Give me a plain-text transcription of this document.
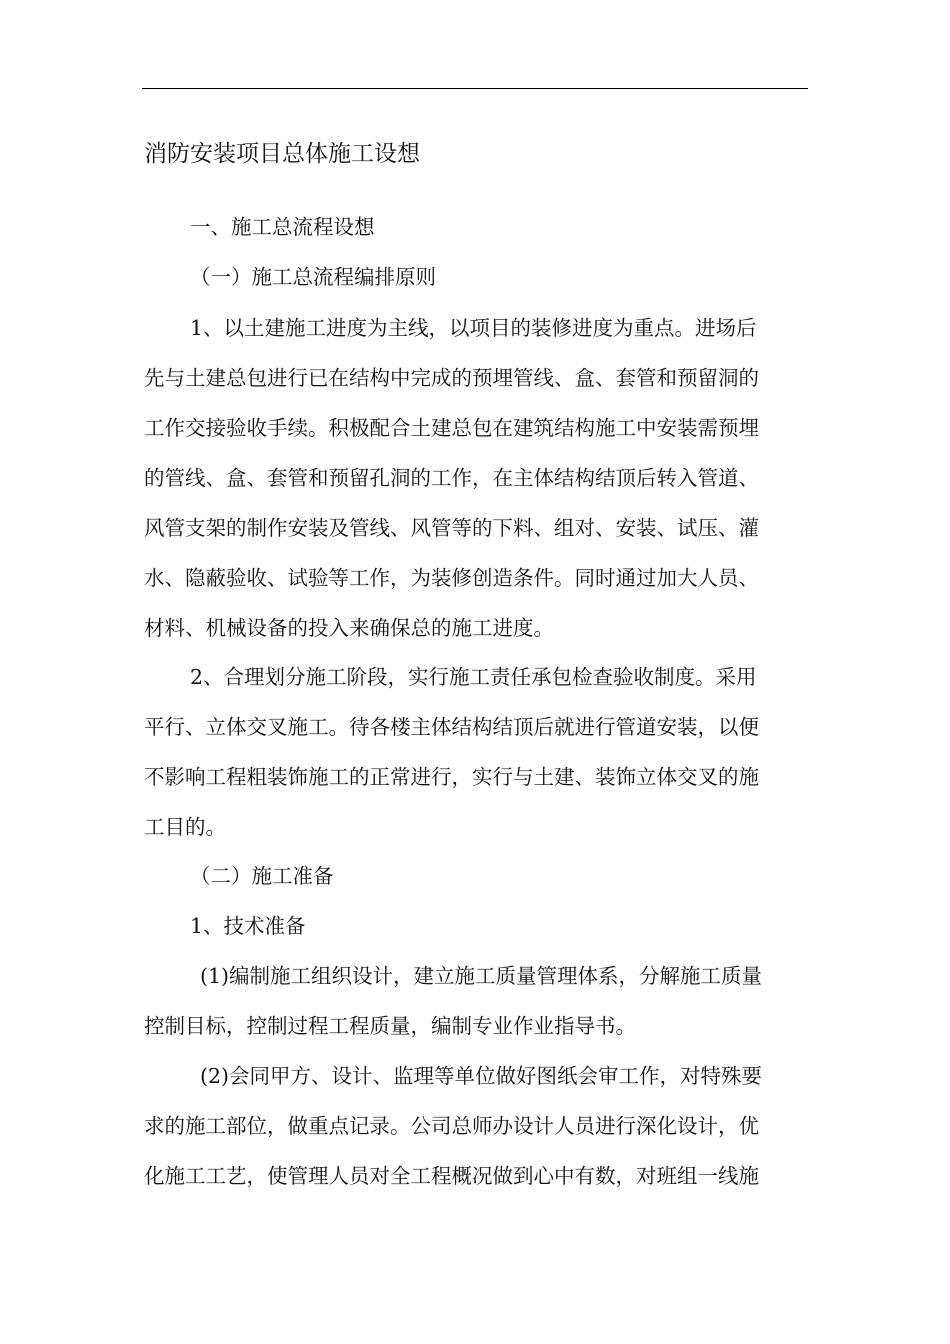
消防安装项目总体施工设想

一、施工总流程设想

（一）施工总流程编排原则

1、以土建施工进度为主线，以项目的装修进度为重点。进场后

先与土建总包进行已在结构中完成的预埋管线、盒、套管和预留洞的

工作交接验收手续。积极配合土建总包在建筑结构施工中安装需预埋

的管线、盒、套管和预留孔洞的工作，在主体结构结顶后转入管道、

风管支架的制作安装及管线、风管等的下料、组对、安装、试压、灌

水、隐蔽验收、试验等工作，为装修创造条件。同时通过加大人员、

材料、机械设备的投入来确保总的施工进度。

2、合理划分施工阶段，实行施工责任承包检查验收制度。采用

平行、立体交叉施工。待各楼主体结构结顶后就进行管道安装，以便

不影响工程粗装饰施工的正常进行，实行与土建、装饰立体交叉的施

工目的。

（二）施工准备

1、技术准备

(1)编制施工组织设计，建立施工质量管理体系，分解施工质量

控制目标，控制过程工程质量，编制专业作业指导书。

(2)会同甲方、设计、监理等单位做好图纸会审工作，对特殊要

求的施工部位，做重点记录。公司总师办设计人员进行深化设计，优

化施工工艺，使管理人员对全工程概况做到心中有数，对班组一线施
